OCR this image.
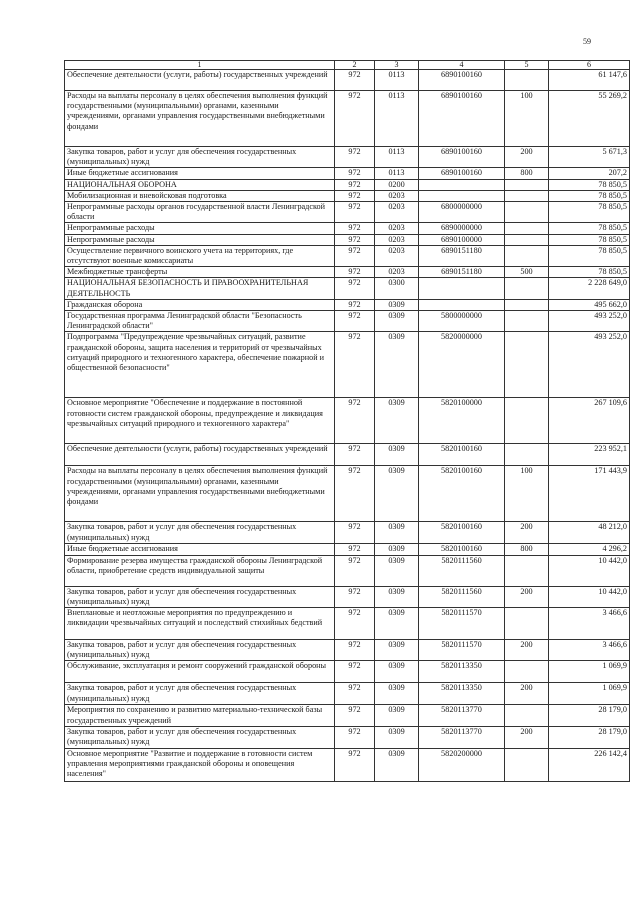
59
1	2	3	4	5	6
Обеспечение деятельности (услуги, работы) государственных учреждений	972	0113	6890100160		61 147,6
Расходы на выплаты персоналу в целях обеспечения выполнения функций государственными (муниципальными) органами, казенными учреждениями, органами управления государственными внебюджетными фондами	972	0113	6890100160	100	55 269,2
Закупка товаров, работ и услуг для обеспечения государственных (муниципальных) нужд	972	0113	6890100160	200	5 671,3
Иные бюджетные ассигнования	972	0113	6890100160	800	207,2
НАЦИОНАЛЬНАЯ ОБОРОНА	972	0200			78 850,5
Мобилизационная и вневойсковая подготовка	972	0203			78 850,5
Непрограммные расходы органов государственной власти Ленинградской области	972	0203	6800000000		78 850,5
Непрограммные расходы	972	0203	6890000000		78 850,5
Непрограммные расходы	972	0203	6890100000		78 850,5
Осуществление первичного воинского учета на территориях, где отсутствуют военные комиссариаты	972	0203	6890151180		78 850,5
Межбюджетные трансферты	972	0203	6890151180	500	78 850,5
НАЦИОНАЛЬНАЯ БЕЗОПАСНОСТЬ И ПРАВООХРАНИТЕЛЬНАЯ ДЕЯТЕЛЬНОСТЬ	972	0300			2 228 649,0
Гражданская оборона	972	0309			495 662,0
Государственная программа Ленинградской области "Безопасность Ленинградской области"	972	0309	5800000000		493 252,0
Подпрограмма "Предупреждение чрезвычайных ситуаций, развитие гражданской обороны, защита населения и территорий от чрезвычайных ситуаций природного и техногенного характера, обеспечение пожарной и общественной безопасности"	972	0309	5820000000		493 252,0
Основное мероприятие "Обеспечение и поддержание в постоянной готовности систем гражданской обороны, предупреждение и ликвидация чрезвычайных ситуаций природного и техногенного характера"	972	0309	5820100000		267 109,6
Обеспечение деятельности (услуги, работы) государственных учреждений	972	0309	5820100160		223 952,1
Расходы на выплаты персоналу в целях обеспечения выполнения функций государственными (муниципальными) органами, казенными учреждениями, органами управления государственными внебюджетными фондами	972	0309	5820100160	100	171 443,9
Закупка товаров, работ и услуг для обеспечения государственных (муниципальных) нужд	972	0309	5820100160	200	48 212,0
Иные бюджетные ассигнования	972	0309	5820100160	800	4 296,2
Формирование резерва имущества гражданской обороны Ленинградской области, приобретение средств индивидуальной защиты	972	0309	5820111560		10 442,0
Закупка товаров, работ и услуг для обеспечения государственных (муниципальных) нужд	972	0309	5820111560	200	10 442,0
Внеплановые и неотложные мероприятия по предупреждению и ликвидации чрезвычайных ситуаций и последствий стихийных бедствий	972	0309	5820111570		3 466,6
Закупка товаров, работ и услуг для обеспечения государственных (муниципальных) нужд	972	0309	5820111570	200	3 466,6
Обслуживание, эксплуатация и ремонт сооружений гражданской обороны	972	0309	5820113350		1 069,9
Закупка товаров, работ и услуг для обеспечения государственных (муниципальных) нужд	972	0309	5820113350	200	1 069,9
Мероприятия по сохранению и развитию материально-технической базы государственных учреждений	972	0309	5820113770		28 179,0
Закупка товаров, работ и услуг для обеспечения государственных (муниципальных) нужд	972	0309	5820113770	200	28 179,0
Основное мероприятие "Развитие и поддержание в готовности систем управления мероприятиями гражданской обороны и оповещения населения"	972	0309	5820200000		226 142,4
